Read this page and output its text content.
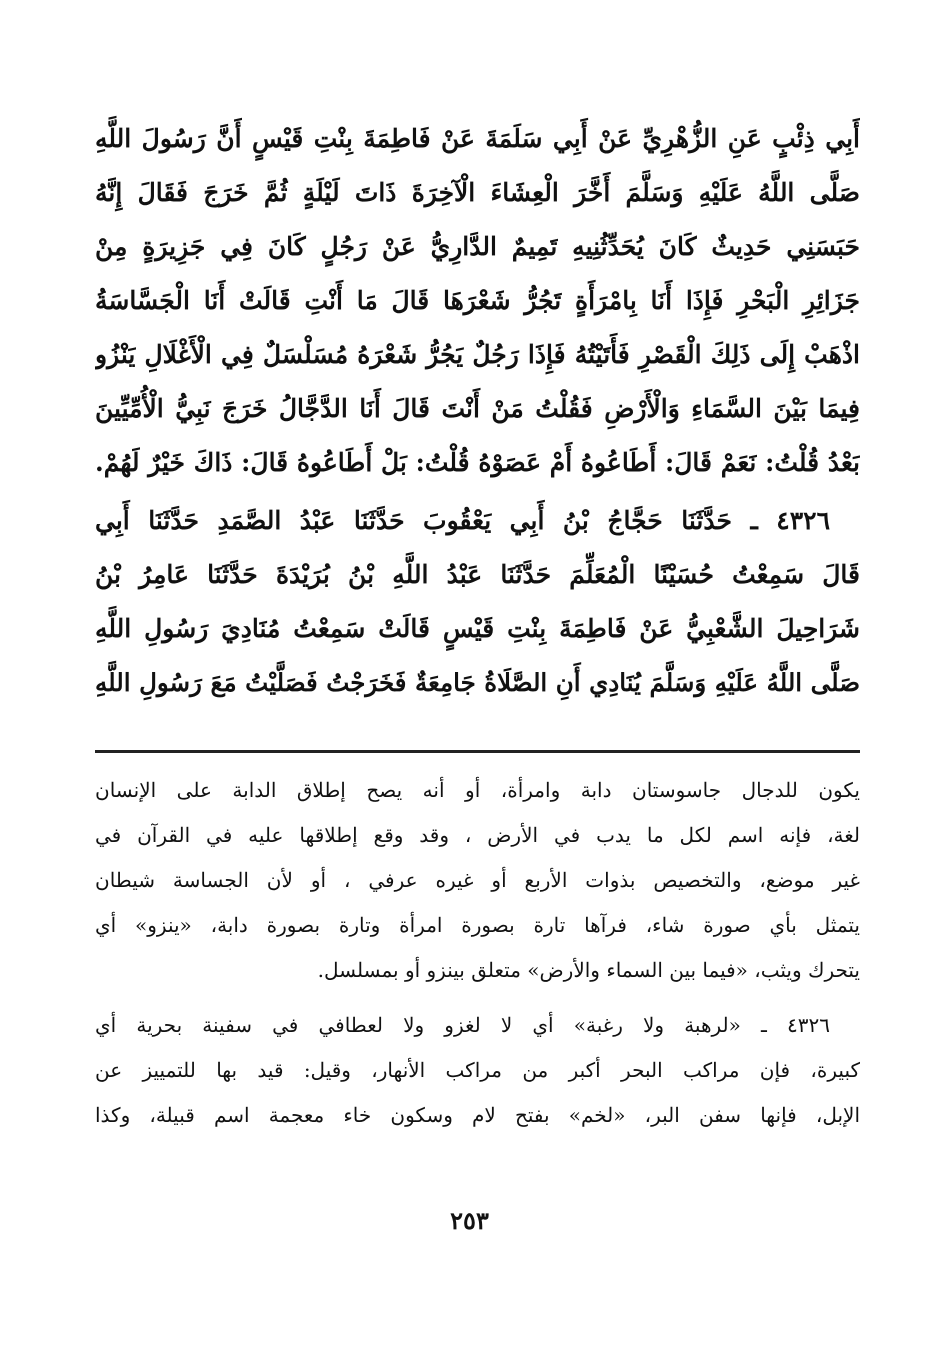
أَبِي ذِئْبٍ عَنِ الزُّهْرِيِّ عَنْ أَبِي سَلَمَةَ عَنْ فَاطِمَةَ بِنْتِ قَيْسٍ أَنَّ رَسُولَ اللَّهِ
صَلَّى اللَّهُ عَلَيْهِ وَسَلَّمَ أَخَّرَ الْعِشَاءَ الْآخِرَةَ ذَاتَ لَيْلَةٍ ثُمَّ خَرَجَ فَقَالَ إِنَّهُ
حَبَسَنِي حَدِيثٌ كَانَ يُحَدِّثُنِيهِ تَمِيمٌ الدَّارِيُّ عَنْ رَجُلٍ كَانَ فِي جَزِيرَةٍ مِنْ
جَزَائِرِ الْبَحْرِ فَإِذَا أَنَا بِامْرَأَةٍ تَجُرُّ شَعْرَهَا قَالَ مَا أَنْتِ قَالَتْ أَنَا الْجَسَّاسَةُ
اذْهَبْ إِلَى ذَلِكَ الْقَصْرِ فَأَتَيْتُهُ فَإِذَا رَجُلٌ يَجُرُّ شَعْرَهُ مُسَلْسَلٌ فِي الْأَغْلَالِ يَنْزُو
فِيمَا بَيْنَ السَّمَاءِ وَالْأَرْضِ فَقُلْتُ مَنْ أَنْتَ قَالَ أَنَا الدَّجَّالُ خَرَجَ نَبِيُّ الْأُمِّيِّينَ
بَعْدُ قُلْتُ: نَعَمْ قَالَ: أَطَاعُوهُ أَمْ عَصَوْهُ قُلْتُ: بَلْ أَطَاعُوهُ قَالَ: ذَاكَ خَيْرٌ لَهُمْ.
٤٣٢٦ ـ حَدَّثَنَا حَجَّاجُ بْنُ أَبِي يَعْقُوبَ حَدَّثَنَا عَبْدُ الصَّمَدِ حَدَّثَنَا أَبِي
قَالَ سَمِعْتُ حُسَيْنًا الْمُعَلِّمَ حَدَّثَنَا عَبْدُ اللَّهِ بْنُ بُرَيْدَةَ حَدَّثَنَا عَامِرُ بْنُ
شَرَاحِيلَ الشَّعْبِيُّ عَنْ فَاطِمَةَ بِنْتِ قَيْسٍ قَالَتْ سَمِعْتُ مُنَادِيَ رَسُولِ اللَّهِ
صَلَّى اللَّهُ عَلَيْهِ وَسَلَّمَ يُنَادِي أَنِ الصَّلَاةُ جَامِعَةٌ فَخَرَجْتُ فَصَلَّيْتُ مَعَ رَسُولِ اللَّهِ
يكون للدجال جاسوستان دابة وامرأة، أو أنه يصح إطلاق الدابة على الإنسان
لغة، فإنه اسم لكل ما يدب في الأرض ، وقد وقع إطلاقها عليه في القرآن في
غير موضع، والتخصيص بذوات الأربع أو غيره عرفي ، أو لأن الجساسة شيطان
يتمثل بأي صورة شاء، فرآها تارة بصورة امرأة وتارة بصورة دابة، «ينزو» أي
يتحرك ويثب، «فيما بين السماء والأرض» متعلق بينزو أو بمسلسل.
٤٣٢٦ ـ «لرهبة ولا رغبة» أي لا لغزو ولا لعطافي في سفينة بحرية أي
كبيرة، فإن مراكب البحر أكبر من مراكب الأنهار، وقيل: قيد بها للتمييز عن
الإبل، فإنها سفن البر، «لخم» بفتح لام وسكون خاء معجمة اسم قبيلة، وكذا
٢٥٣
